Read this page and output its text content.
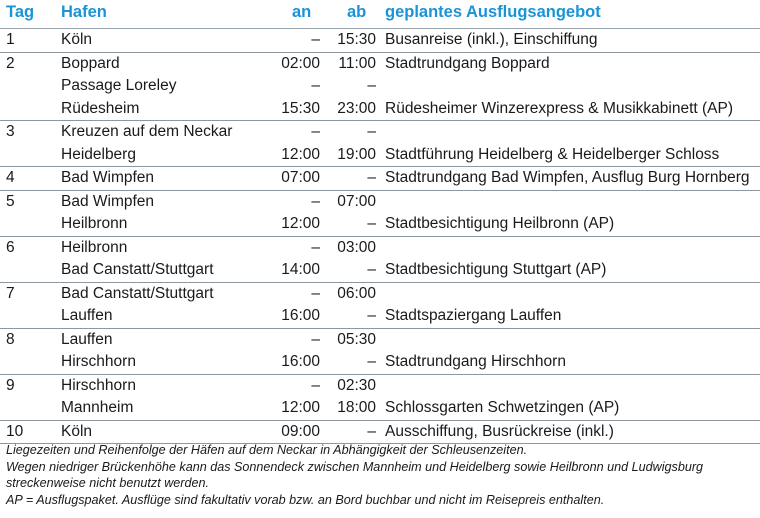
Tag Hafen	an ab geplantes Ausflugsangebot
1	Köln	–	15:30 Busanreise (inkl.), Einschiffung
2	Boppard	02:00	11:00 Stadtrundgang Boppard
Passage Loreley	–	–
Rüdesheim	15:30	23:00 Rüdesheimer Winzerexpress & Musikkabinett (AP)
3	Kreuzen auf dem Neckar	–	–
Heidelberg	12:00	19:00 Stadtführung Heidelberg & Heidelberger Schloss
4	Bad Wimpfen	07:00	– Stadtrundgang Bad Wimpfen, Ausflug Burg Hornberg
5	Bad Wimpfen	–	07:00
Heilbronn	12:00	– Stadtbesichtigung Heilbronn (AP)
6	Heilbronn	–	03:00
Bad Canstatt/Stuttgart	14:00	– Stadtbesichtigung Stuttgart (AP)
7	Bad Canstatt/Stuttgart	–	06:00
Lauffen	16:00	– Stadtspaziergang Lauffen
8	Lauffen	–	05:30
Hirschhorn	16:00	– Stadtrundgang Hirschhorn
9	Hirschhorn	–	02:30
Mannheim	12:00	18:00 Schlossgarten Schwetzingen (AP)
10 Köln	09:00	– Ausschiffung, Busrückreise (inkl.)
Liegezeiten und Reihenfolge der Häfen auf dem Neckar in Abhängigkeit der Schleusenzeiten.
Wegen niedriger Brückenhöhe kann das Sonnendeck zwischen Mannheim und Heidelberg sowie Heilbronn und Ludwigsburg
streckenweise nicht benutzt werden.
AP = Ausflugspaket. Ausflüge sind fakultativ vorab bzw. an Bord buchbar und nicht im Reisepreis enthalten.
